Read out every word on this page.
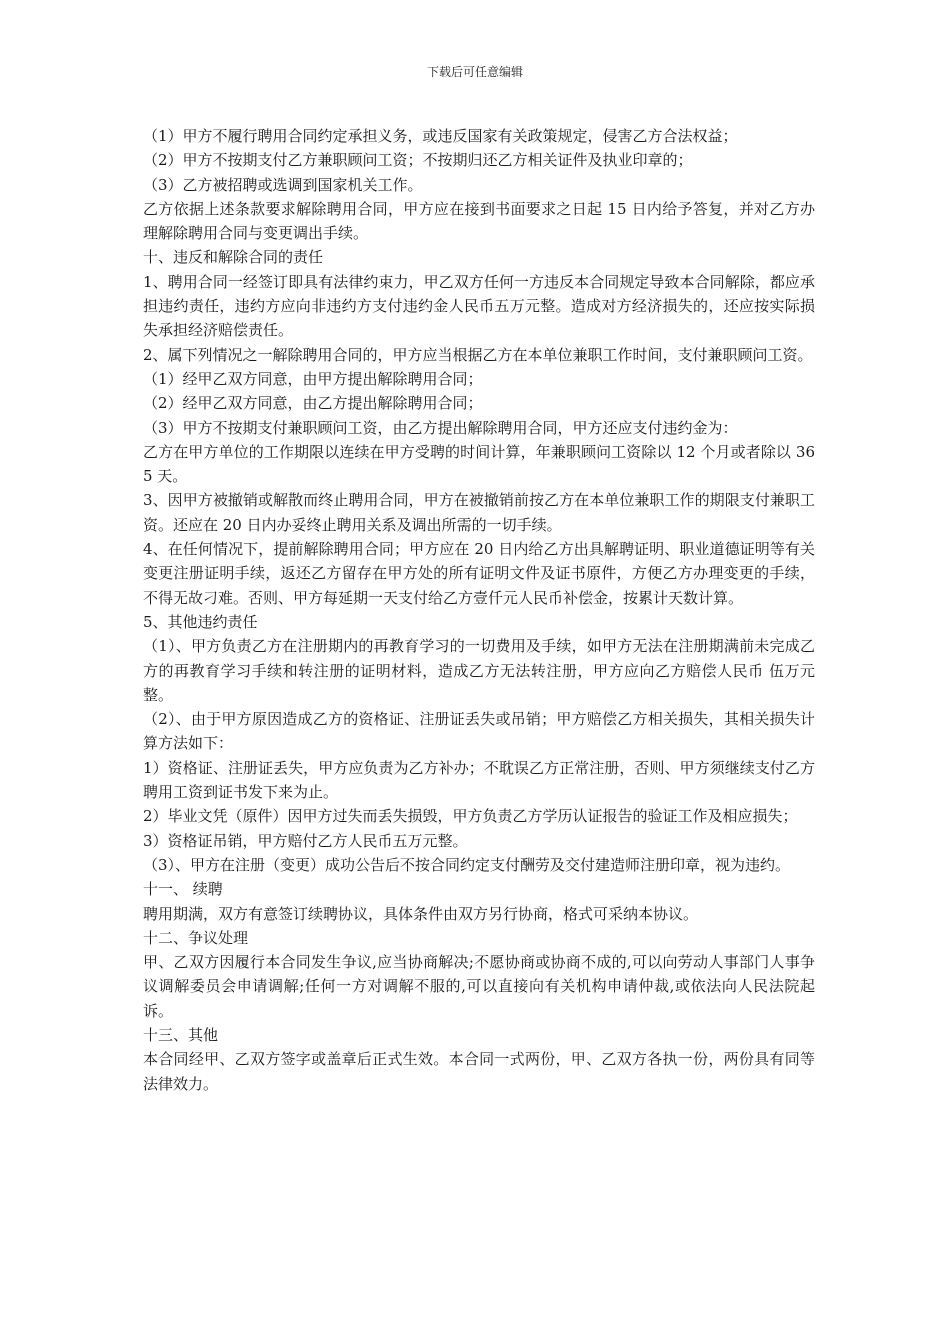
下载后可任意编辑

（1）甲方不履行聘用合同约定承担义务，或违反国家有关政策规定，侵害乙方合法权益；

（2）甲方不按期支付乙方兼职顾问工资；不按期归还乙方相关证件及执业印章的；

（3）乙方被招聘或选调到国家机关工作。

乙方依据上述条款要求解除聘用合同，甲方应在接到书面要求之日起 15 日内给予答复，并对乙方办理解除聘用合同与变更调出手续。

十、违反和解除合同的责任

1、聘用合同一经签订即具有法律约束力，甲乙双方任何一方违反本合同规定导致本合同解除，都应承担违约责任，违约方应向非违约方支付违约金人民币五万元整。造成对方经济损失的，还应按实际损失承担经济赔偿责任。

2、属下列情况之一解除聘用合同的，甲方应当根据乙方在本单位兼职工作时间，支付兼职顾问工资。

（1）经甲乙双方同意，由甲方提出解除聘用合同；

（2）经甲乙双方同意，由乙方提出解除聘用合同；

（3）甲方不按期支付兼职顾问工资，由乙方提出解除聘用合同，甲方还应支付违约金为：

乙方在甲方单位的工作期限以连续在甲方受聘的时间计算，年兼职顾问工资除以 12 个月或者除以 365 天。

3、因甲方被撤销或解散而终止聘用合同，甲方在被撤销前按乙方在本单位兼职工作的期限支付兼职工资。还应在 20 日内办妥终止聘用关系及调出所需的一切手续。

4、在任何情况下，提前解除聘用合同；甲方应在 20 日内给乙方出具解聘证明、职业道德证明等有关变更注册证明手续，返还乙方留存在甲方处的所有证明文件及证书原件，方便乙方办理变更的手续，不得无故刁难。否则、甲方每延期一天支付给乙方壹仟元人民币补偿金，按累计天数计算。

5、其他违约责任

（1）、甲方负责乙方在注册期内的再教育学习的一切费用及手续，如甲方无法在注册期满前未完成乙方的再教育学习手续和转注册的证明材料，造成乙方无法转注册，甲方应向乙方赔偿人民币 伍万元整。

（2）、由于甲方原因造成乙方的资格证、注册证丢失或吊销；甲方赔偿乙方相关损失，其相关损失计算方法如下：

1）资格证、注册证丢失，甲方应负责为乙方补办；不耽误乙方正常注册，否则、甲方须继续支付乙方聘用工资到证书发下来为止。

2）毕业文凭（原件）因甲方过失而丢失损毁，甲方负责乙方学历认证报告的验证工作及相应损失；

3）资格证吊销，甲方赔付乙方人民币五万元整。

（3）、甲方在注册（变更）成功公告后不按合同约定支付酬劳及交付建造师注册印章，视为违约。

十一、 续聘

聘用期满，双方有意签订续聘协议，具体条件由双方另行协商，格式可采纳本协议。

十二、争议处理

甲、乙双方因履行本合同发生争议,应当协商解决;不愿协商或协商不成的,可以向劳动人事部门人事争议调解委员会申请调解;任何一方对调解不服的,可以直接向有关机构申请仲裁,或依法向人民法院起诉。

十三、其他

本合同经甲、乙双方签字或盖章后正式生效。本合同一式两份，甲、乙双方各执一份，两份具有同等法律效力。
